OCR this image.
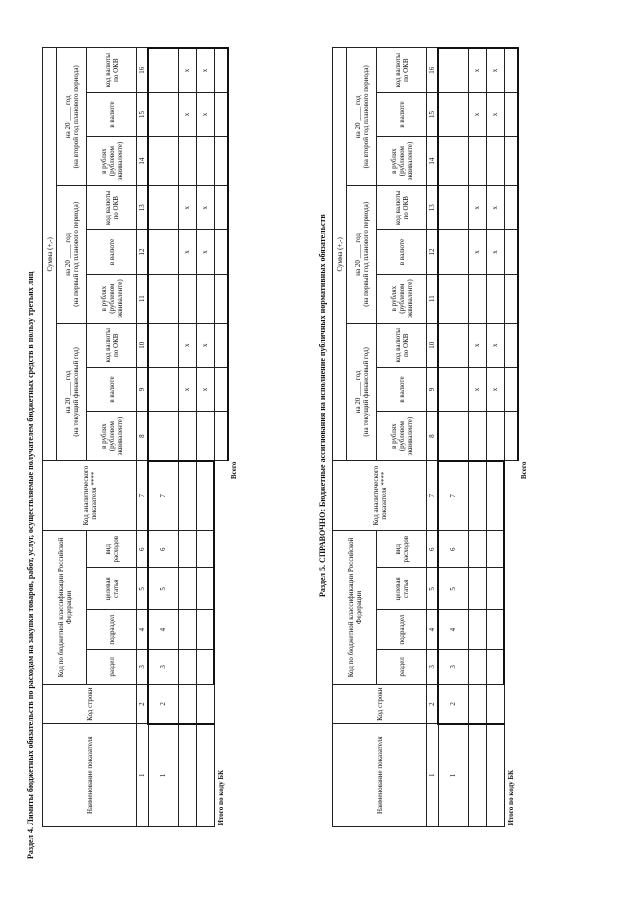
Раздел 4. Лимиты бюджетных обязательств по расходам на закупки товаров, работ, услуг, осуществляемые получателем бюджетных средств в пользу третьих лиц	Наименование показателя	Код строки	Код по бюджетной классификации Российской Федерации				Код аналитического показателя ****	Сумма (+,-)								
							на 20 ____ год
(на текущий финансовый год)			на 20 ____ год
(на первый год планового периода)			на 20 ____ год
(на второй год планового периода)		
		раздел	подраздел	целевая статья	вид расходов		в рублях (рублевом эквиваленте)	в валюте	код валюты по ОКВ	в рублях (рублевом эквиваленте)	в валюте	код валюты по ОКВ	в рублях (рублевом эквиваленте)	в валюте	код валюты по ОКВ

1	2	3	4	5	6	7	8	9	10	11	12	13	14	15	16
1	2	3	4	5	6	7									
								x	x		x	x		x	x
								x	x		x	x		x	x
Итого по коду БК															
						Всего										Раздел 5. СПРАВОЧНО: Бюджетные ассигнования на исполнение публичных нормативных обязательств
Наименование показателя	Код строки	Код по бюджетной классификации Российской Федерации				Код аналитического показателя ****	Сумма (+,-)								
							на 20 ____ год
(на текущий финансовый год)			на 20 ____ год
(на первый год планового периода)			на 20 ____ год
(на второй год планового периода)		
		раздел	подраздел	целевая статья	вид расходов		в рублях (рублевом эквиваленте)	в валюте	код валюты по ОКВ	в рублях (рублевом эквиваленте)	в валюте	код валюты по ОКВ	в рублях (рублевом эквиваленте)	в валюте	код валюты по ОКВ

1	2	3	4	5	6	7	8	9	10	11	12	13	14	15	16
1	2	3	4	5	6	7									
								x	x		x	x		x	x
								x	x		x	x		x	x
Итого по коду БК															
						Всего									
